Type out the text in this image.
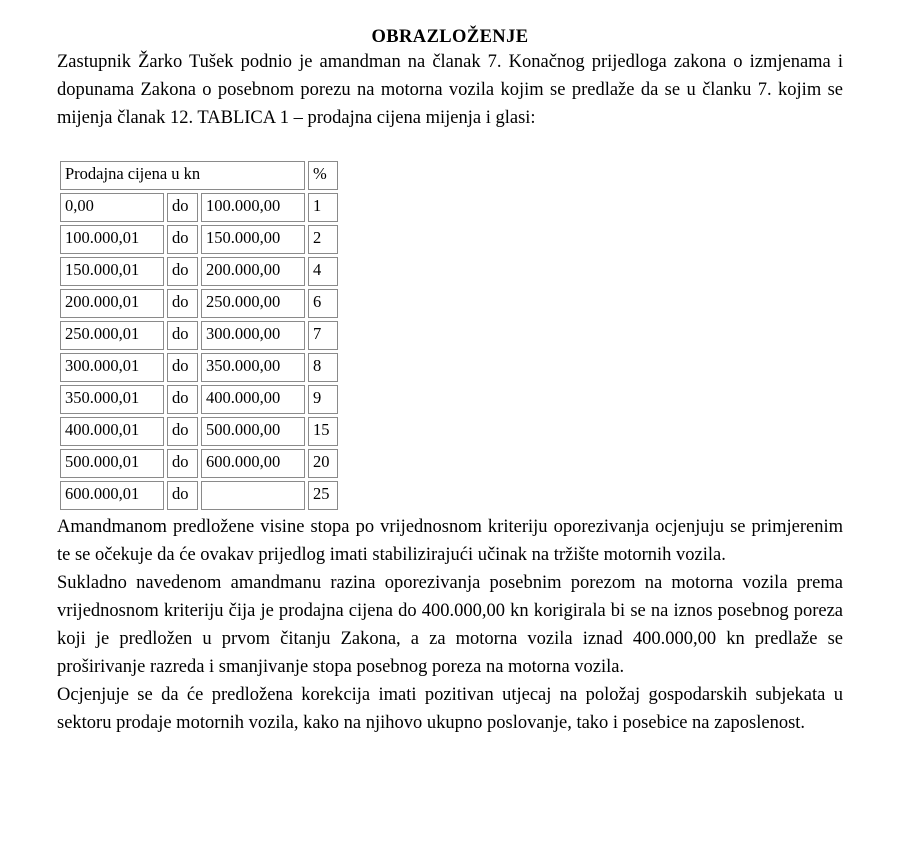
OBRAZLOŽENJE

Zastupnik Žarko Tušek podnio je amandman na članak 7. Konačnog prijedloga zakona o izmjenama i dopunama Zakona o posebnom porezu na motorna vozila kojim se predlaže da se u članku 7. kojim se mijenja članak 12. TABLICA 1 – prodajna cijena mijenja i glasi:

Prodajna cijena u kn			%
0,00	do	100.000,00	1
100.000,01	do	150.000,00	2
150.000,01	do	200.000,00	4
200.000,01	do	250.000,00	6
250.000,01	do	300.000,00	7
300.000,01	do	350.000,00	8
350.000,01	do	400.000,00	9
400.000,01	do	500.000,00	15
500.000,01	do	600.000,00	20
600.000,01	do		25

Amandmanom predložene visine stopa po vrijednosnom kriteriju oporezivanja ocjenjuju se primjerenim te se očekuje da će ovakav prijedlog imati stabilizirajući učinak na tržište motornih vozila.

Sukladno navedenom amandmanu razina oporezivanja posebnim porezom na motorna vozila prema vrijednosnom kriteriju čija je prodajna cijena do 400.000,00 kn korigirala bi se na iznos posebnog poreza koji je predložen u prvom čitanju Zakona, a za motorna vozila iznad 400.000,00 kn predlaže se proširivanje razreda i smanjivanje stopa posebnog poreza na motorna vozila.

Ocjenjuje se da će predložena korekcija imati pozitivan utjecaj na položaj gospodarskih subjekata u sektoru prodaje motornih vozila, kako na njihovo ukupno poslovanje, tako i posebice na zaposlenost.
